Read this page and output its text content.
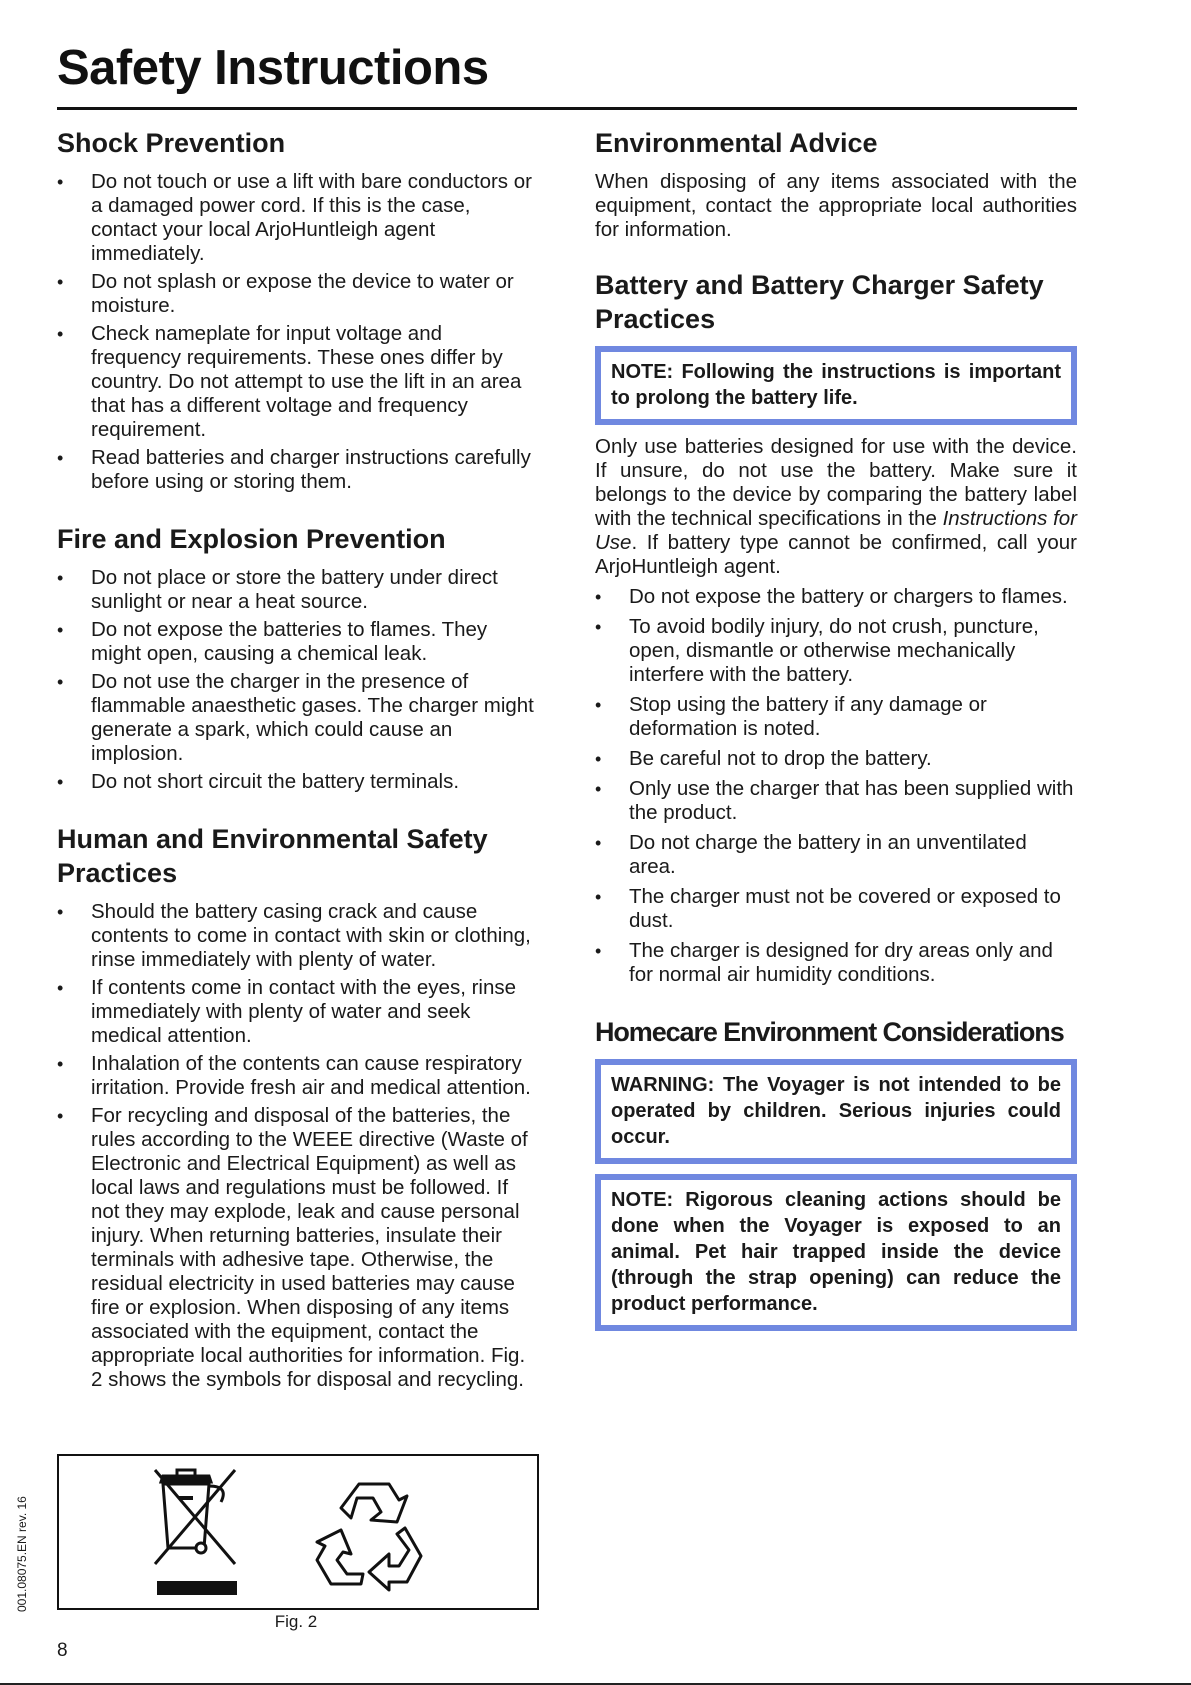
Safety Instructions
Shock Prevention
• Do not touch or use a lift with bare conductors or a damaged power cord. If this is the case, contact your local ArjoHuntleigh agent immediately.
• Do not splash or expose the device to water or moisture.
• Check nameplate for input voltage and frequency requirements. These ones differ by country. Do not attempt to use the lift in an area that has a different voltage and frequency requirement.
• Read batteries and charger instructions carefully before using or storing them.
Fire and Explosion Prevention
• Do not place or store the battery under direct sunlight or near a heat source.
• Do not expose the batteries to flames. They might open, causing a chemical leak.
• Do not use the charger in the presence of flammable anaesthetic gases. The charger might generate a spark, which could cause an implosion.
• Do not short circuit the battery terminals.
Human and Environmental Safety Practices
• Should the battery casing crack and cause contents to come in contact with skin or clothing, rinse immediately with plenty of water.
• If contents come in contact with the eyes, rinse immediately with plenty of water and seek medical attention.
• Inhalation of the contents can cause respiratory irritation. Provide fresh air and medical attention.
• For recycling and disposal of the batteries, the rules according to the WEEE directive (Waste of Electronic and Electrical Equipment) as well as local laws and regulations must be followed. If not they may explode, leak and cause personal injury. When returning batteries, insulate their terminals with adhesive tape. Otherwise, the residual electricity in used batteries may cause fire or explosion. When disposing of any items associated with the equipment, contact the appropriate local authorities for information. Fig. 2 shows the symbols for disposal and recycling.
Fig. 2
Environmental Advice

When disposing of any items associated with the equipment, contact the appropriate local authorities for information.

Battery and Battery Charger Safety Practices
NOTE: Following the instructions is important to prolong the battery life.

Only use batteries designed for use with the device. If unsure, do not use the battery. Make sure it belongs to the device by comparing the battery label with the technical specifications in the Instructions for Use. If battery type cannot be confirmed, call your ArjoHuntleigh agent.

• Do not expose the battery or chargers to flames.
• To avoid bodily injury, do not crush, puncture, open, dismantle or otherwise mechanically interfere with the battery.
• Stop using the battery if any damage or deformation is noted.
• Be careful not to drop the battery.
• Only use the charger that has been supplied with the product.
• Do not charge the battery in an unventilated area.
• The charger must not be covered or exposed to dust.
• The charger is designed for dry areas only and for normal air humidity conditions.
Homecare Environment Considerations
WARNING: The Voyager is not intended to be operated by children. Serious injuries could occur.
NOTE: Rigorous cleaning actions should be done when the Voyager is exposed to an animal. Pet hair trapped inside the device (through the strap opening) can reduce the product performance.
001.08075.EN rev. 16
8
